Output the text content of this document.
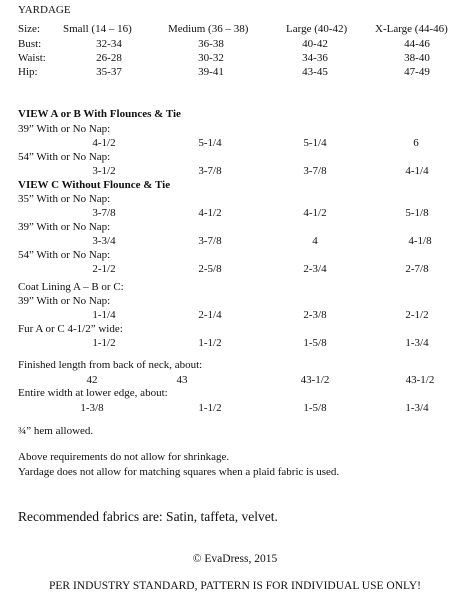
YARDAGE
Size: Small (14 – 16)	Medium (36 – 38)	Large (40-42)	X-Large (44-46)
Bust:	32-34	36-38	40-42	44-46
Waist:	26-28	30-32	34-36	38-40
Hip:	35-37	39-41	43-45	47-49
VIEW A or B With Flounces & Tie
39” With or No Nap:
4-1/2	5-1/4	5-1/4	6
54” With or No Nap:
3-1/2	3-7/8	3-7/8	4-1/4
VIEW C Without Flounce & Tie
35” With or No Nap:
3-7/8	4-1/2	4-1/2	5-1/8
39” With or No Nap:
3-3/4	3-7/8	4	4-1/8
54” With or No Nap:
2-1/2	2-5/8	2-3/4	2-7/8
Coat Lining A – B or C:
39” With or No Nap:
1-1/4	2-1/4	2-3/8	2-1/2
Fur A or C 4-1/2” wide:
1-1/2	1-1/2	1-5/8	1-3/4
Finished length from back of neck, about:
42	43	43-1/2	43-1/2
Entire width at lower edge, about:
1-3/8	1-1/2	1-5/8	1-3/4
¾” hem allowed.
Above requirements do not allow for shrinkage.
Yardage does not allow for matching squares when a plaid fabric is used.
Recommended fabrics are: Satin, taffeta, velvet.
© EvaDress, 2015
PER INDUSTRY STANDARD, PATTERN IS FOR INDIVIDUAL USE ONLY!
